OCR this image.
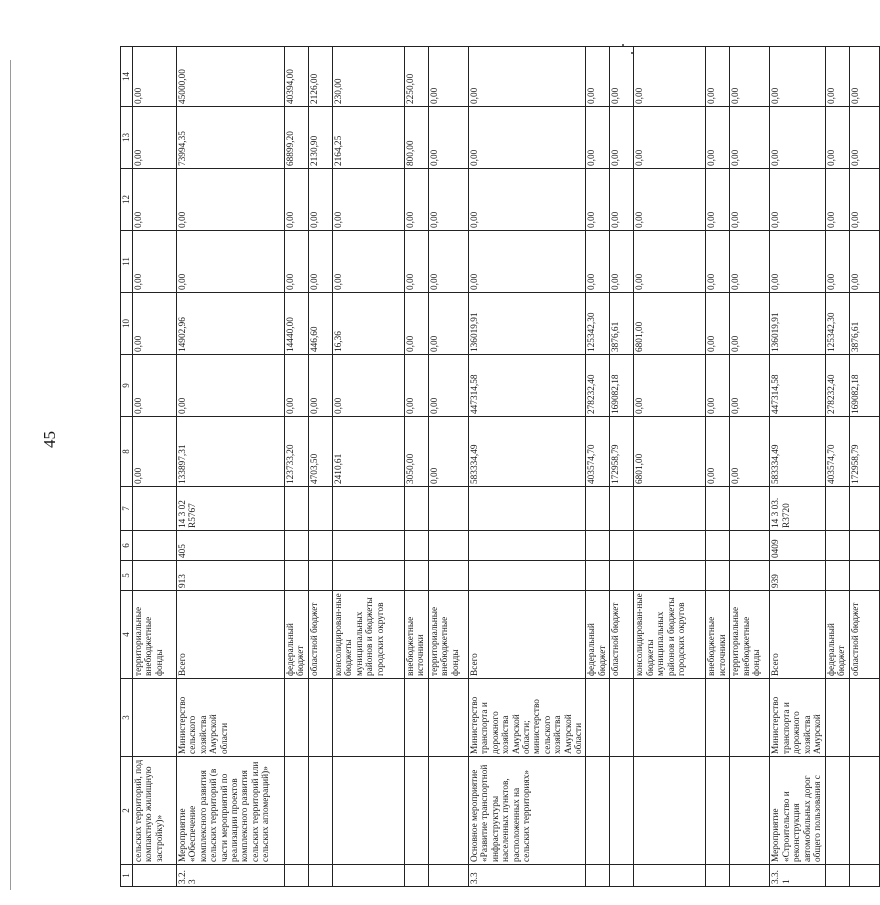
45
1	2	3	4	5	6	7	8	9	10	11	12	13	14
	сельских территорий, под компактную жилищную застройку)»		территориальные внебюджетные фонды				0,00	0,00	0,00	0,00	0,00	0,00	0,00
3.2.3	Мероприятие «Обеспечение комплексного развития сельских территорий (в части мероприятий по реализации проектов комплексного развития сельских территорий или сельских агломераций)»	Министерство сельского хозяйства Амурской области	Всего	913	405	14 3 02 R5767	133897,31	0,00	14902,96	0,00	0,00	73994,35	45000,00
			федеральный бюджет				123733,20	0,00	14440,00	0,00	0,00	68899,20	40394,00
			областной бюджет				4703,50	0,00	446,60	0,00	0,00	2130,90	2126,00
			консолидирован-ные бюджеты муниципальных районов и бюджеты городских округов				2410,61	0,00	16,36	0,00	0,00	2164,25	230,00
			внебюджетные источники				3050,00	0,00	0,00	0,00	0,00	800,00	2250,00
			территориальные внебюджетные фонды				0,00	0,00	0,00	0,00	0,00	0,00	0,00
3.3	Основное мероприятие «Развитие транспортной инфраструктуры населенных пунктов, расположенных на сельских территориях»	Министерство транспорта и дорожного хозяйства Амурской области; министерство сельского хозяйства Амурской области	Всего				583334,49	447314,58	136019,91	0,00	0,00	0,00	0,00
			федеральный бюджет				403574,70	278232,40	125342,30	0,00	0,00	0,00	0,00
			областной бюджет				172958,79	169082,18	3876,61	0,00	0,00	0,00	0,00
			консолидирован-ные бюджеты муниципальных районов и бюджеты городских округов				6801,00	0,00	6801,00	0,00	0,00	0,00	0,00
			внебюджетные источники				0,00	0,00	0,00	0,00	0,00	0,00	0,00
			территориальные внебюджетные фонды				0,00	0,00	0,00	0,00	0,00	0,00	0,00
3.3.1	Мероприятие «Строительство и реконструкция автомобильных дорог общего пользования с	Министерство транспорта и дорожного хозяйства Амурской	Всего	939	0409	14 3 03. R3720	583334,49	447314,58	136019,91	0,00	0,00	0,00	0,00
			федеральный бюджет				403574,70	278232,40	125342,30	0,00	0,00	0,00	0,00
			областной бюджет				172958,79	169082,18	3876,61	0,00	0,00	0,00	0,00
